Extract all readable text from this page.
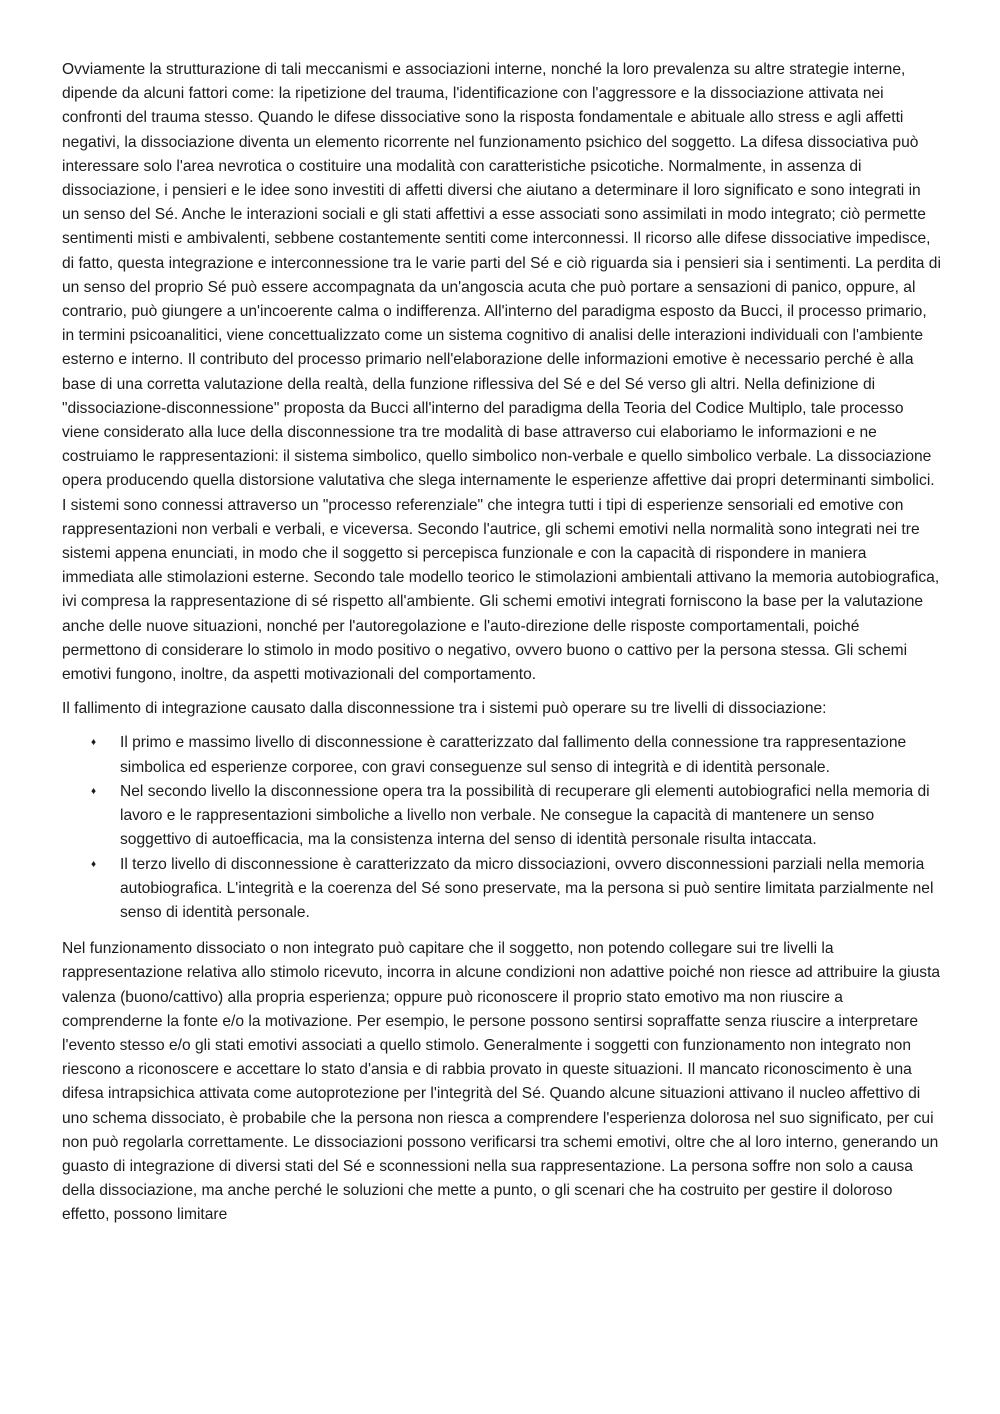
Ovviamente la strutturazione di tali meccanismi e associazioni interne, nonché la loro prevalenza su altre strategie interne, dipende da alcuni fattori come: la ripetizione del trauma, l'identificazione con l'aggressore e la dissociazione attivata nei confronti del trauma stesso. Quando le difese dissociative sono la risposta fondamentale e abituale allo stress e agli affetti negativi, la dissociazione diventa un elemento ricorrente nel funzionamento psichico del soggetto. La difesa dissociativa può interessare solo l'area nevrotica o costituire una modalità con caratteristiche psicotiche. Normalmente, in assenza di dissociazione, i pensieri e le idee sono investiti di affetti diversi che aiutano a determinare il loro significato e sono integrati in un senso del Sé. Anche le interazioni sociali e gli stati affettivi a esse associati sono assimilati in modo integrato; ciò permette sentimenti misti e ambivalenti, sebbene costantemente sentiti come interconnessi. Il ricorso alle difese dissociative impedisce, di fatto, questa integrazione e interconnessione tra le varie parti del Sé e ciò riguarda sia i pensieri sia i sentimenti. La perdita di un senso del proprio Sé può essere accompagnata da un'angoscia acuta che può portare a sensazioni di panico, oppure, al contrario, può giungere a un'incoerente calma o indifferenza. All'interno del paradigma esposto da Bucci, il processo primario, in termini psicoanalitici, viene concettualizzato come un sistema cognitivo di analisi delle interazioni individuali con l'ambiente esterno e interno. Il contributo del processo primario nell'elaborazione delle informazioni emotive è necessario perché è alla base di una corretta valutazione della realtà, della funzione riflessiva del Sé e del Sé verso gli altri. Nella definizione di "dissociazione-disconnessione" proposta da Bucci all'interno del paradigma della Teoria del Codice Multiplo, tale processo viene considerato alla luce della disconnessione tra tre modalità di base attraverso cui elaboriamo le informazioni e ne costruiamo le rappresentazioni: il sistema simbolico, quello simbolico non-verbale e quello simbolico verbale. La dissociazione opera producendo quella distorsione valutativa che slega internamente le esperienze affettive dai propri determinanti simbolici. I sistemi sono connessi attraverso un "processo referenziale" che integra tutti i tipi di esperienze sensoriali ed emotive con rappresentazioni non verbali e verbali, e viceversa. Secondo l'autrice, gli schemi emotivi nella normalità sono integrati nei tre sistemi appena enunciati, in modo che il soggetto si percepisca funzionale e con la capacità di rispondere in maniera immediata alle stimolazioni esterne. Secondo tale modello teorico le stimolazioni ambientali attivano la memoria autobiografica, ivi compresa la rappresentazione di sé rispetto all'ambiente. Gli schemi emotivi integrati forniscono la base per la valutazione anche delle nuove situazioni, nonché per l'autoregolazione e l'auto-direzione delle risposte comportamentali, poiché permettono di considerare lo stimolo in modo positivo o negativo, ovvero buono o cattivo per la persona stessa. Gli schemi emotivi fungono, inoltre, da aspetti motivazionali del comportamento.

Il fallimento di integrazione causato dalla disconnessione tra i sistemi può operare su tre livelli di dissociazione:

♦ Il primo e massimo livello di disconnessione è caratterizzato dal fallimento della connessione tra rappresentazione simbolica ed esperienze corporee, con gravi conseguenze sul senso di integrità e di identità personale.
♦ Nel secondo livello la disconnessione opera tra la possibilità di recuperare gli elementi autobiografici nella memoria di lavoro e le rappresentazioni simboliche a livello non verbale. Ne consegue la capacità di mantenere un senso soggettivo di autoefficacia, ma la consistenza interna del senso di identità personale risulta intaccata.
♦ Il terzo livello di disconnessione è caratterizzato da micro dissociazioni, ovvero disconnessioni parziali nella memoria autobiografica. L'integrità e la coerenza del Sé sono preservate, ma la persona si può sentire limitata parzialmente nel senso di identità personale.

Nel funzionamento dissociato o non integrato può capitare che il soggetto, non potendo collegare sui tre livelli la rappresentazione relativa allo stimolo ricevuto, incorra in alcune condizioni non adattive poiché non riesce ad attribuire la giusta valenza (buono/cattivo) alla propria esperienza; oppure può riconoscere il proprio stato emotivo ma non riuscire a comprenderne la fonte e/o la motivazione. Per esempio, le persone possono sentirsi sopraffatte senza riuscire a interpretare l'evento stesso e/o gli stati emotivi associati a quello stimolo. Generalmente i soggetti con funzionamento non integrato non riescono a riconoscere e accettare lo stato d'ansia e di rabbia provato in queste situazioni. Il mancato riconoscimento è una difesa intrapsichica attivata come autoprotezione per l'integrità del Sé. Quando alcune situazioni attivano il nucleo affettivo di uno schema dissociato, è probabile che la persona non riesca a comprendere l'esperienza dolorosa nel suo significato, per cui non può regolarla correttamente. Le dissociazioni possono verificarsi tra schemi emotivi, oltre che al loro interno, generando un guasto di integrazione di diversi stati del Sé e sconnessioni nella sua rappresentazione. La persona soffre non solo a causa della dissociazione, ma anche perché le soluzioni che mette a punto, o gli scenari che ha costruito per gestire il doloroso effetto, possono limitare
